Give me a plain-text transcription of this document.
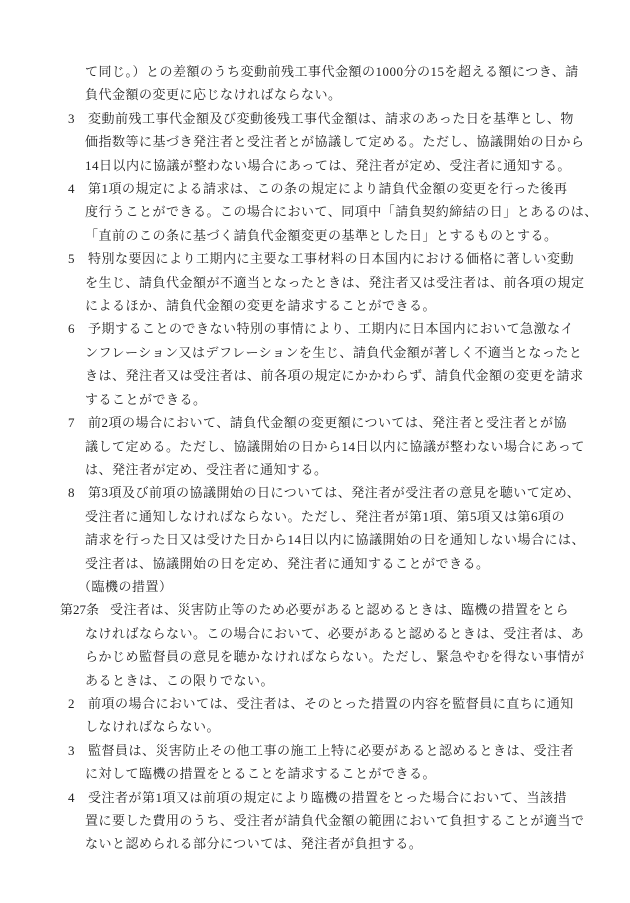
て同じ。）との差額のうち変動前残工事代金額の1000分の15を超える額につき、請
負代金額の変更に応じなければならない。
3 変動前残工事代金額及び変動後残工事代金額は、請求のあった日を基準とし、物
価指数等に基づき発注者と受注者とが協議して定める。ただし、協議開始の日から
14日以内に協議が整わない場合にあっては、発注者が定め、受注者に通知する。
4 第1項の規定による請求は、この条の規定により請負代金額の変更を行った後再
度行うことができる。この場合において、同項中「請負契約締結の日」とあるのは、
「直前のこの条に基づく請負代金額変更の基準とした日」とするものとする。
5 特別な要因により工期内に主要な工事材料の日本国内における価格に著しい変動
を生じ、請負代金額が不適当となったときは、発注者又は受注者は、前各項の規定
によるほか、請負代金額の変更を請求することができる。
6 予期することのできない特別の事情により、工期内に日本国内において急激なイ
ンフレーション又はデフレーションを生じ、請負代金額が著しく不適当となったと
きは、発注者又は受注者は、前各項の規定にかかわらず、請負代金額の変更を請求
することができる。
7 前2項の場合において、請負代金額の変更額については、発注者と受注者とが協
議して定める。ただし、協議開始の日から14日以内に協議が整わない場合にあって
は、発注者が定め、受注者に通知する。
8 第3項及び前項の協議開始の日については、発注者が受注者の意見を聴いて定め、
受注者に通知しなければならない。ただし、発注者が第1項、第5項又は第6項の
請求を行った日又は受けた日から14日以内に協議開始の日を通知しない場合には、
受注者は、協議開始の日を定め、発注者に通知することができる。
（臨機の措置）
第27条 受注者は、災害防止等のため必要があると認めるときは、臨機の措置をとら
なければならない。この場合において、必要があると認めるときは、受注者は、あ
らかじめ監督員の意見を聴かなければならない。ただし、緊急やむを得ない事情が
あるときは、この限りでない。
2 前項の場合においては、受注者は、そのとった措置の内容を監督員に直ちに通知
しなければならない。
3 監督員は、災害防止その他工事の施工上特に必要があると認めるときは、受注者
に対して臨機の措置をとることを請求することができる。
4 受注者が第1項又は前項の規定により臨機の措置をとった場合において、当該措
置に要した費用のうち、受注者が請負代金額の範囲において負担することが適当で
ないと認められる部分については、発注者が負担する。
